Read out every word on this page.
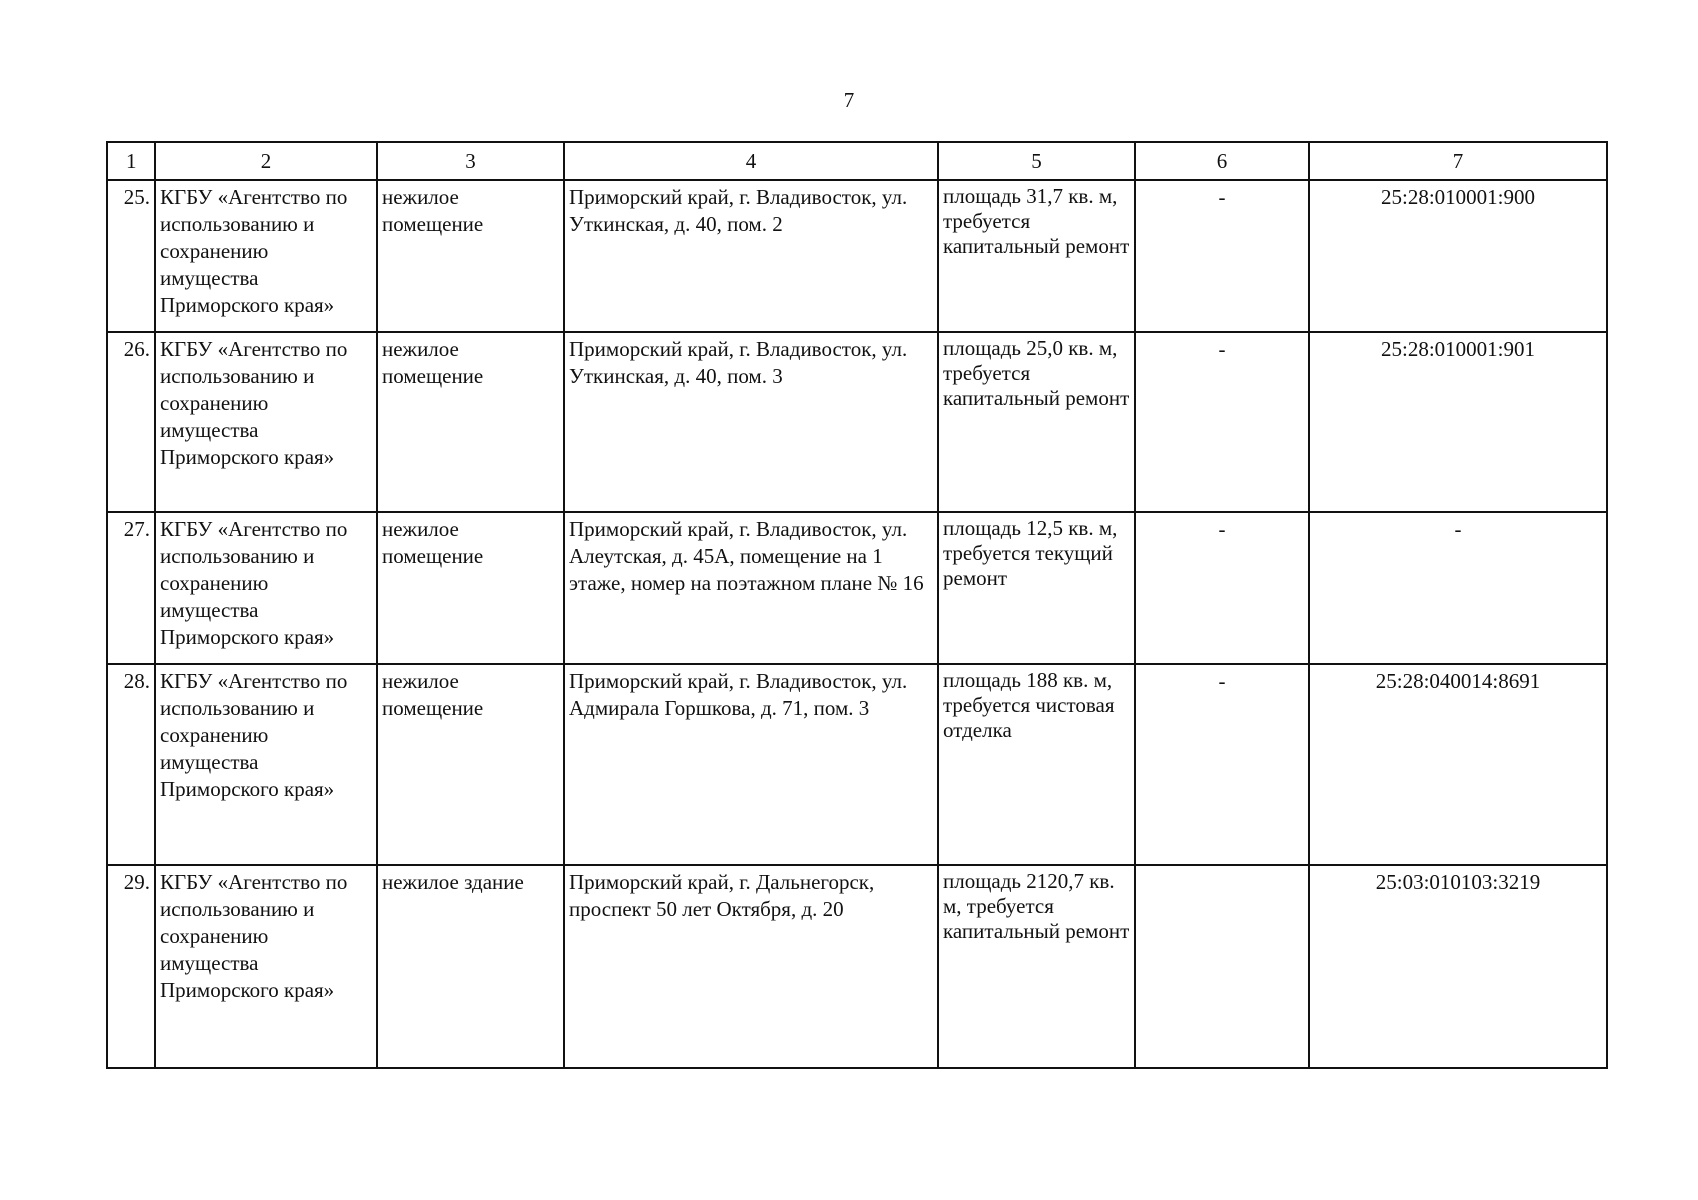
7
1	2	3	4	5	6	7
25.	КГБУ «Агентство по использованию и сохранению имущества Приморского края»	нежилое помещение	Приморский край, г. Владивосток, ул. Уткинская, д. 40, пом. 2	площадь 31,7 кв. м, требуется капитальный ремонт	-	25:28:010001:900
26.	КГБУ «Агентство по использованию и сохранению имущества Приморского края»	нежилое помещение	Приморский край, г. Владивосток, ул. Уткинская, д. 40, пом. 3	площадь 25,0 кв. м, требуется капитальный ремонт	-	25:28:010001:901
27.	КГБУ «Агентство по использованию и сохранению имущества Приморского края»	нежилое помещение	Приморский край, г. Владивосток, ул. Алеутская, д. 45А, помещение на 1 этаже, номер на поэтажном плане № 16	площадь 12,5 кв. м, требуется текущий ремонт	-	-
28.	КГБУ «Агентство по использованию и сохранению имущества Приморского края»	нежилое помещение	Приморский край, г. Владивосток, ул. Адмирала Горшкова, д. 71, пом. 3	площадь 188 кв. м, требуется чистовая отделка	-	25:28:040014:8691
29.	КГБУ «Агентство по использованию и сохранению имущества Приморского края»	нежилое здание	Приморский край, г. Дальнегорск, проспект 50 лет Октября, д. 20	площадь 2120,7 кв. м, требуется капитальный ремонт		25:03:010103:3219
